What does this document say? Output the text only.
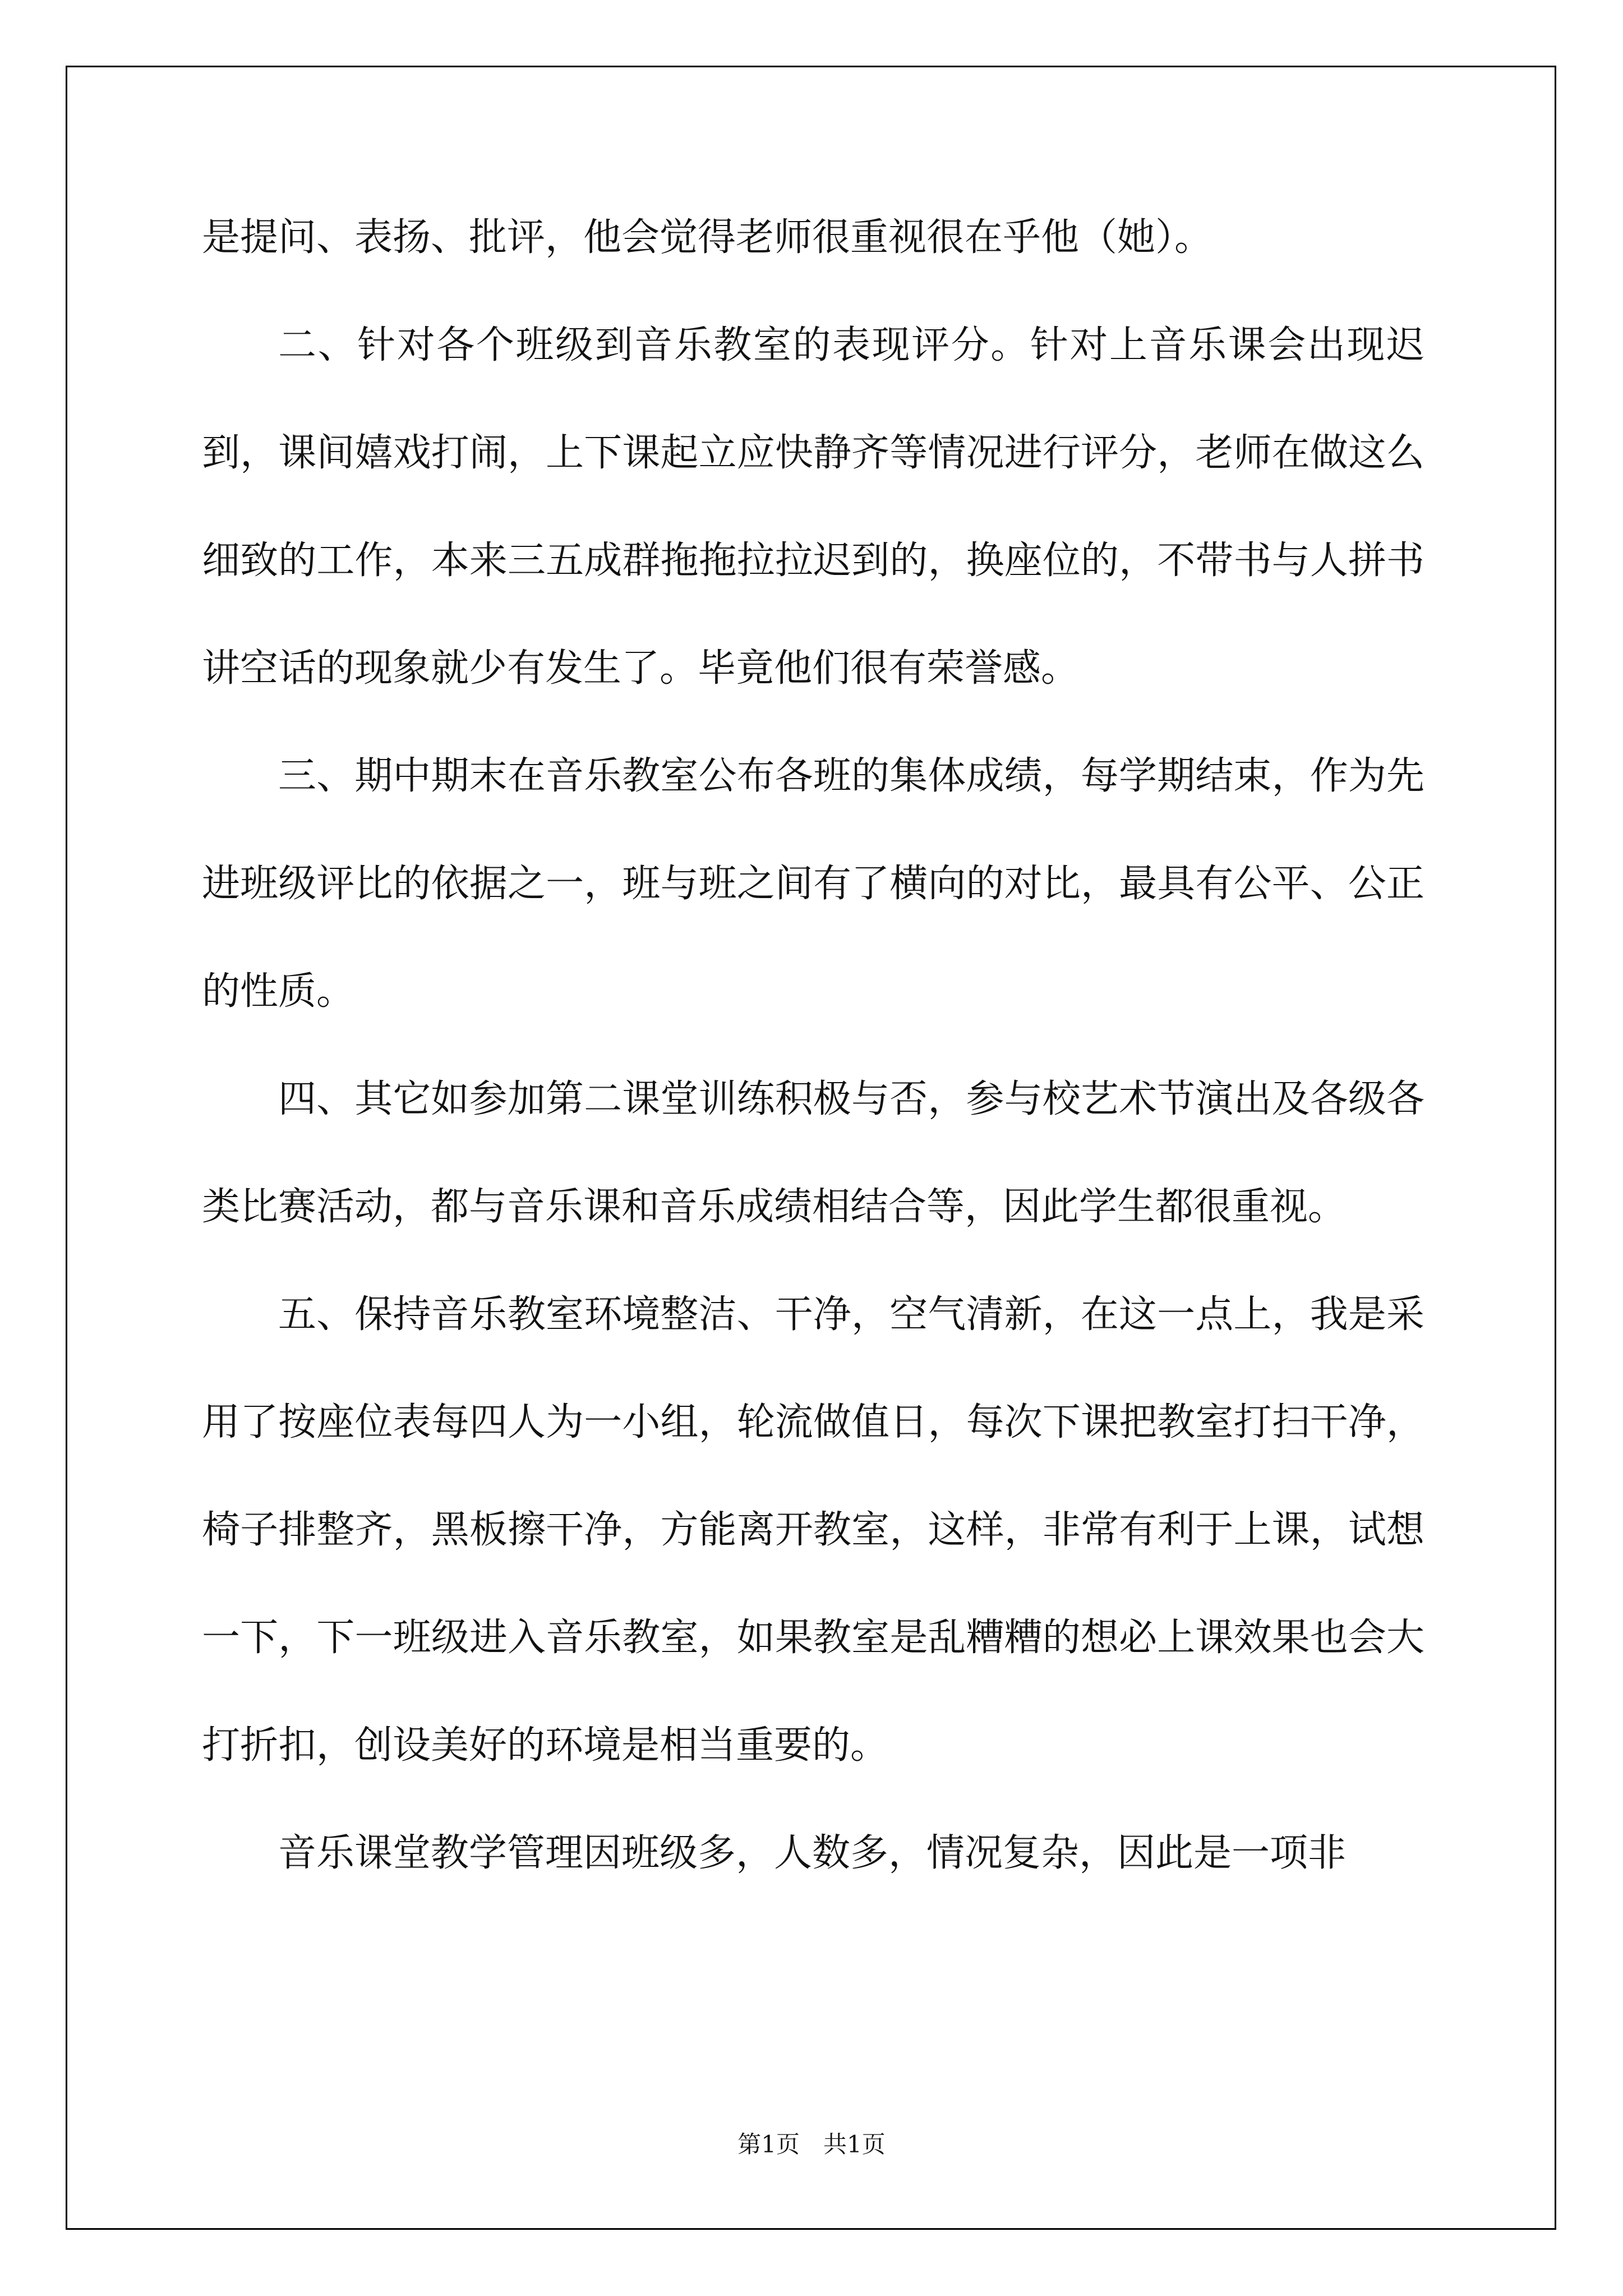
是提问、表扬、批评，他会觉得老师很重视很在乎他（她）。

二、针对各个班级到音乐教室的表现评分。针对上音乐课会出现迟到，课间嬉戏打闹，上下课起立应快静齐等情况进行评分，老师在做这么细致的工作，本来三五成群拖拖拉拉迟到的，换座位的，不带书与人拼书讲空话的现象就少有发生了。毕竟他们很有荣誉感。

三、期中期末在音乐教室公布各班的集体成绩，每学期结束，作为先进班级评比的依据之一，班与班之间有了横向的对比，最具有公平、公正的性质。

四、其它如参加第二课堂训练积极与否，参与校艺术节演出及各级各类比赛活动，都与音乐课和音乐成绩相结合等，因此学生都很重视。

五、保持音乐教室环境整洁、干净，空气清新，在这一点上，我是采用了按座位表每四人为一小组，轮流做值日，每次下课把教室打扫干净，椅子排整齐，黑板擦干净，方能离开教室，这样，非常有利于上课，试想一下，下一班级进入音乐教室，如果教室是乱糟糟的想必上课效果也会大打折扣，创设美好的环境是相当重要的。

音乐课堂教学管理因班级多，人数多，情况复杂，因此是一项非

第1页　共1页
